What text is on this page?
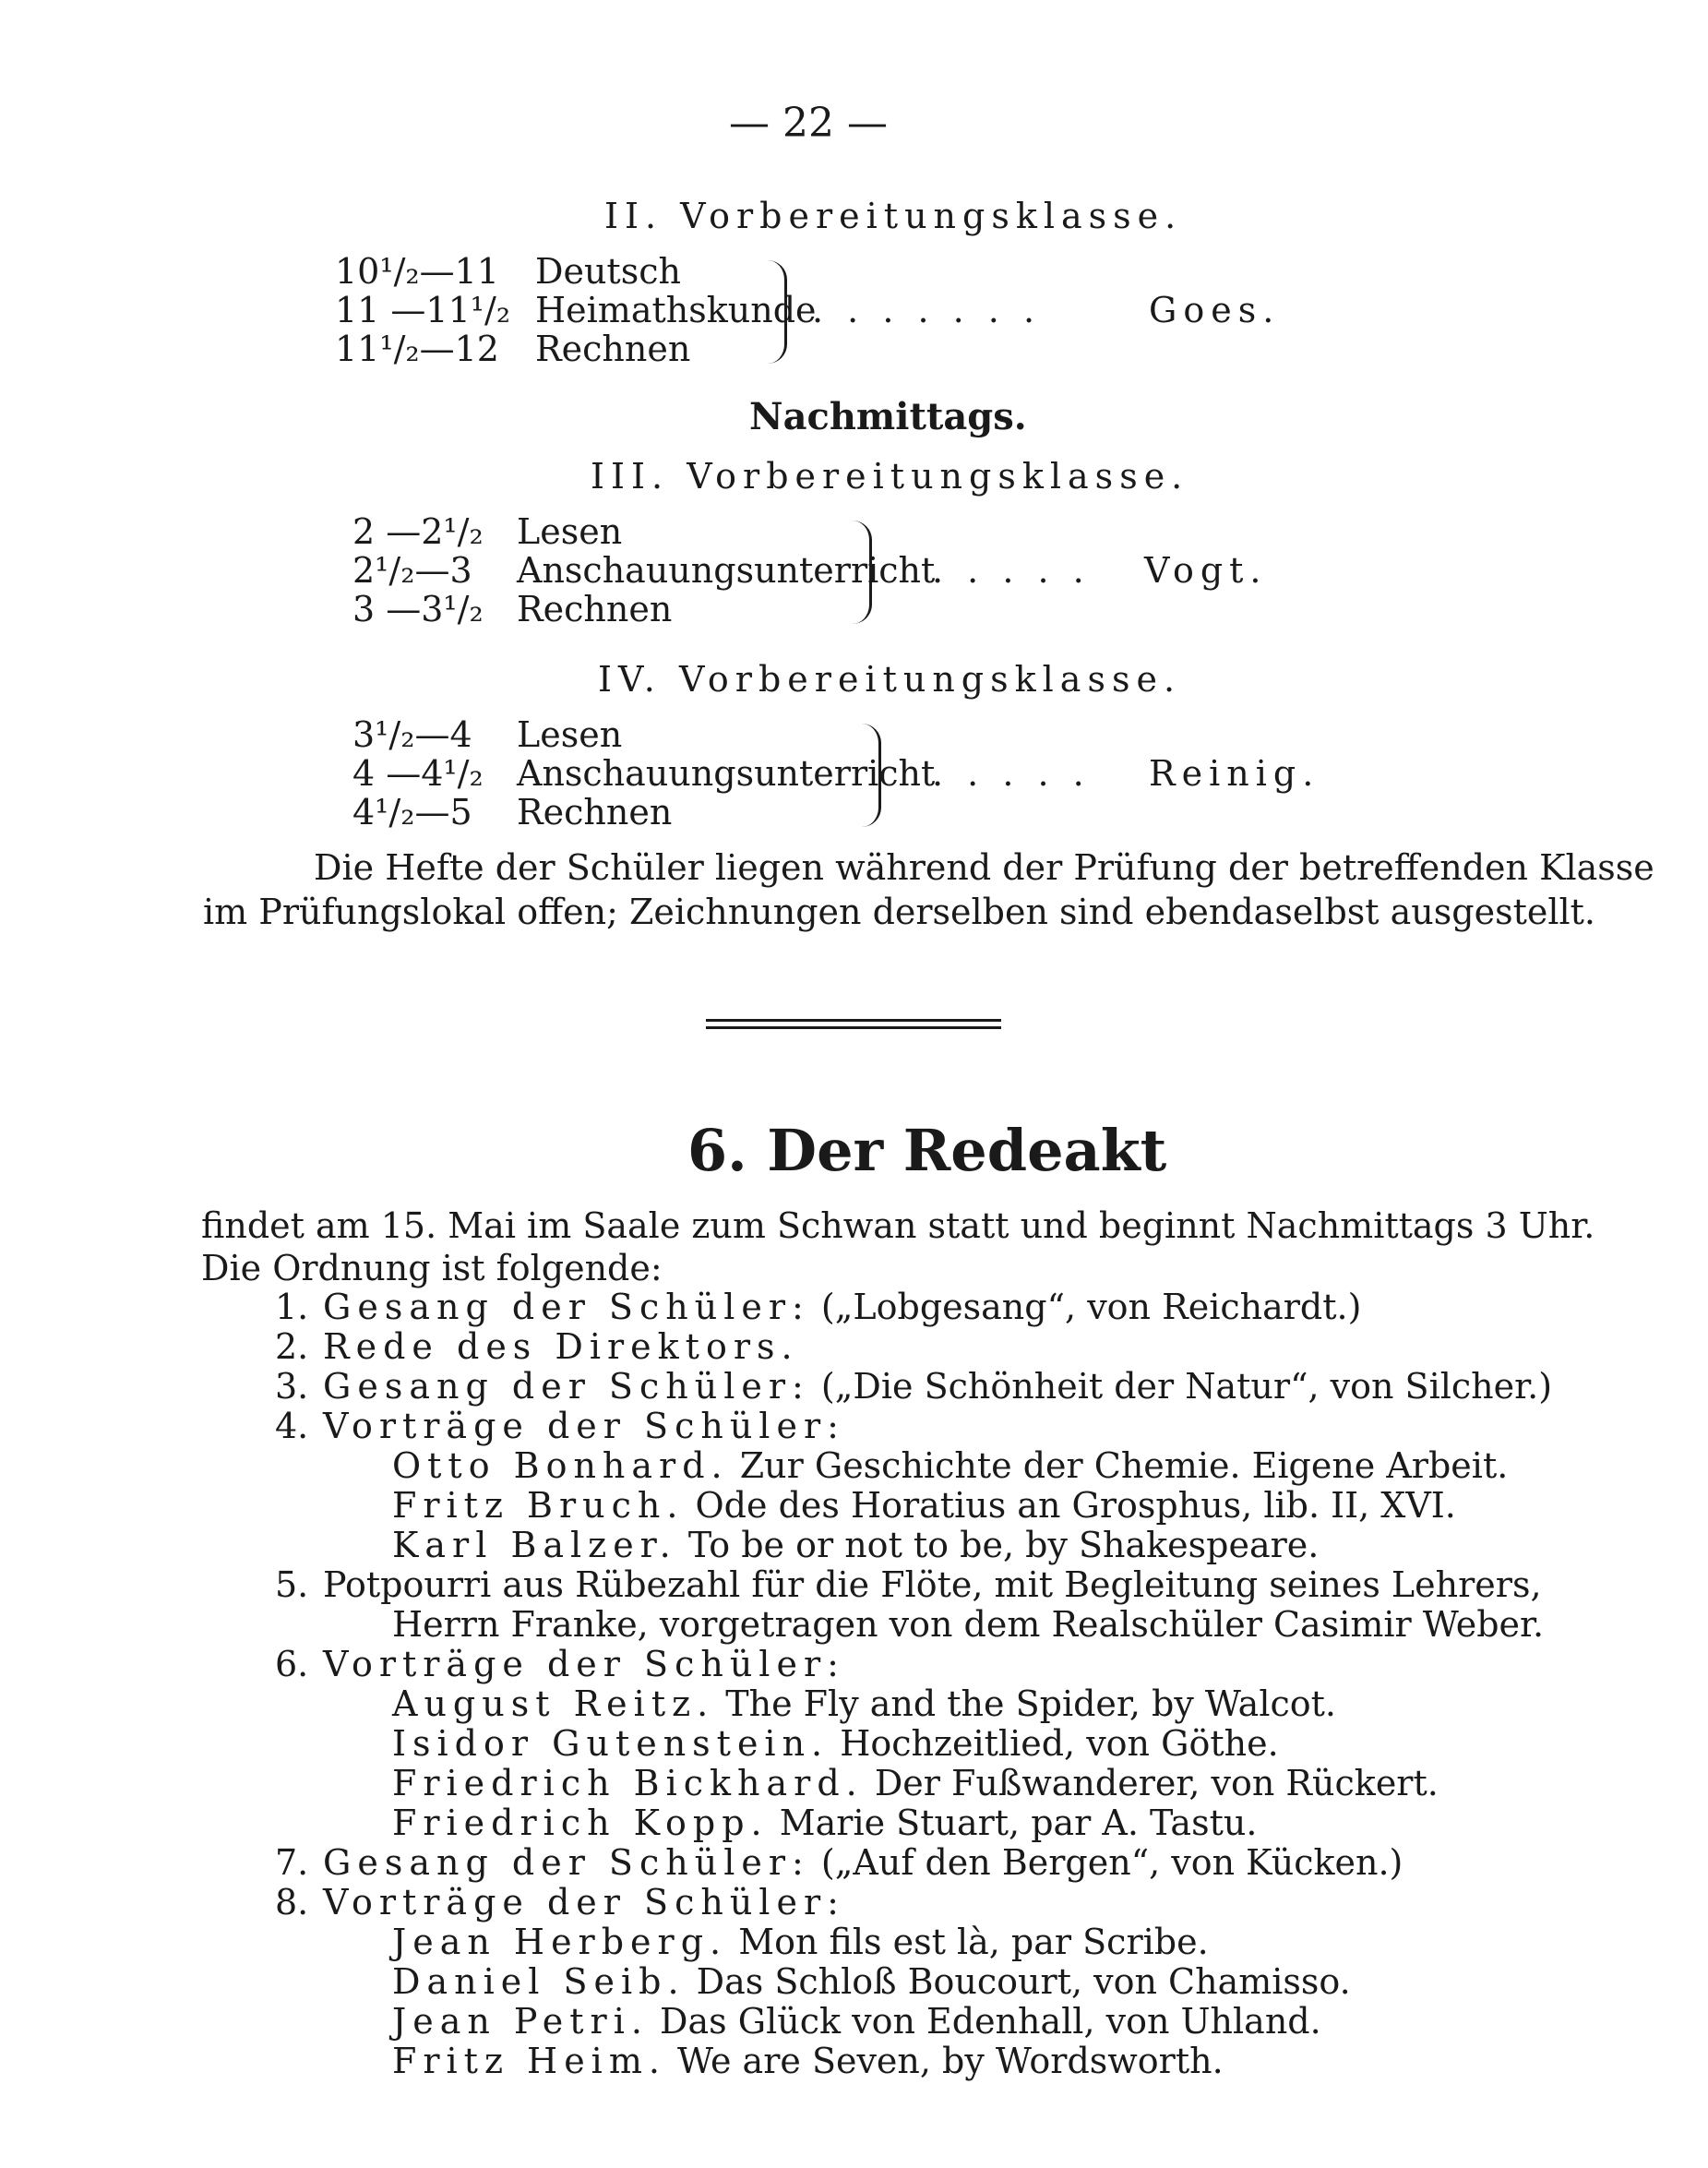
— 22 —
II. Vorbereitungsklasse.
10¹/₂—11 Deutsch
11 —11¹/₂ Heimathskunde
11¹/₂—12 Rechnen
. . . . . . .	Goes.
Nachmittags.
III. Vorbereitungsklasse.
2 —2¹/₂ Lesen
2¹/₂—3 Anschauungsunterricht
3 —3¹/₂ Rechnen
. . . . . Vogt.
IV. Vorbereitungsklasse.
3¹/₂—4 Lesen
4 —4¹/₂ Anschauungsunterricht
4¹/₂—5 Rechnen
. . . . . Reinig.
Die Hefte der Schüler liegen während der Prüfung der betreffenden Klasse
im Prüfungslokal offen; Zeichnungen derselben sind ebendaselbst ausgestellt.
6. Der Redeakt
findet am 15. Mai im Saale zum Schwan statt und beginnt Nachmittags 3 Uhr.
Die Ordnung ist folgende:
1. Gesang der Schüler: („Lobgesang“, von Reichardt.)
2. Rede des Direktors.
3. Gesang der Schüler: („Die Schönheit der Natur“, von Silcher.)
4. Vorträge der Schüler:
Otto Bonhard. Zur Geschichte der Chemie. Eigene Arbeit.
Fritz Bruch. Ode des Horatius an Grosphus, lib. II, XVI.
Karl Balzer. To be or not to be, by Shakespeare.
5. Potpourri aus Rübezahl für die Flöte, mit Begleitung seines Lehrers,
Herrn Franke, vorgetragen von dem Realschüler Casimir Weber.
6. Vorträge der Schüler:
August Reitz. The Fly and the Spider, by Walcot.
Isidor Gutenstein. Hochzeitlied, von Göthe.
Friedrich Bickhard. Der Fußwanderer, von Rückert.
Friedrich Kopp. Marie Stuart, par A. Tastu.
7. Gesang der Schüler: („Auf den Bergen“, von Kücken.)
8. Vorträge der Schüler:
Jean Herberg. Mon fils est là, par Scribe.
Daniel Seib. Das Schloß Boucourt, von Chamisso.
Jean Petri. Das Glück von Edenhall, von Uhland.
Fritz Heim. We are Seven, by Wordsworth.
